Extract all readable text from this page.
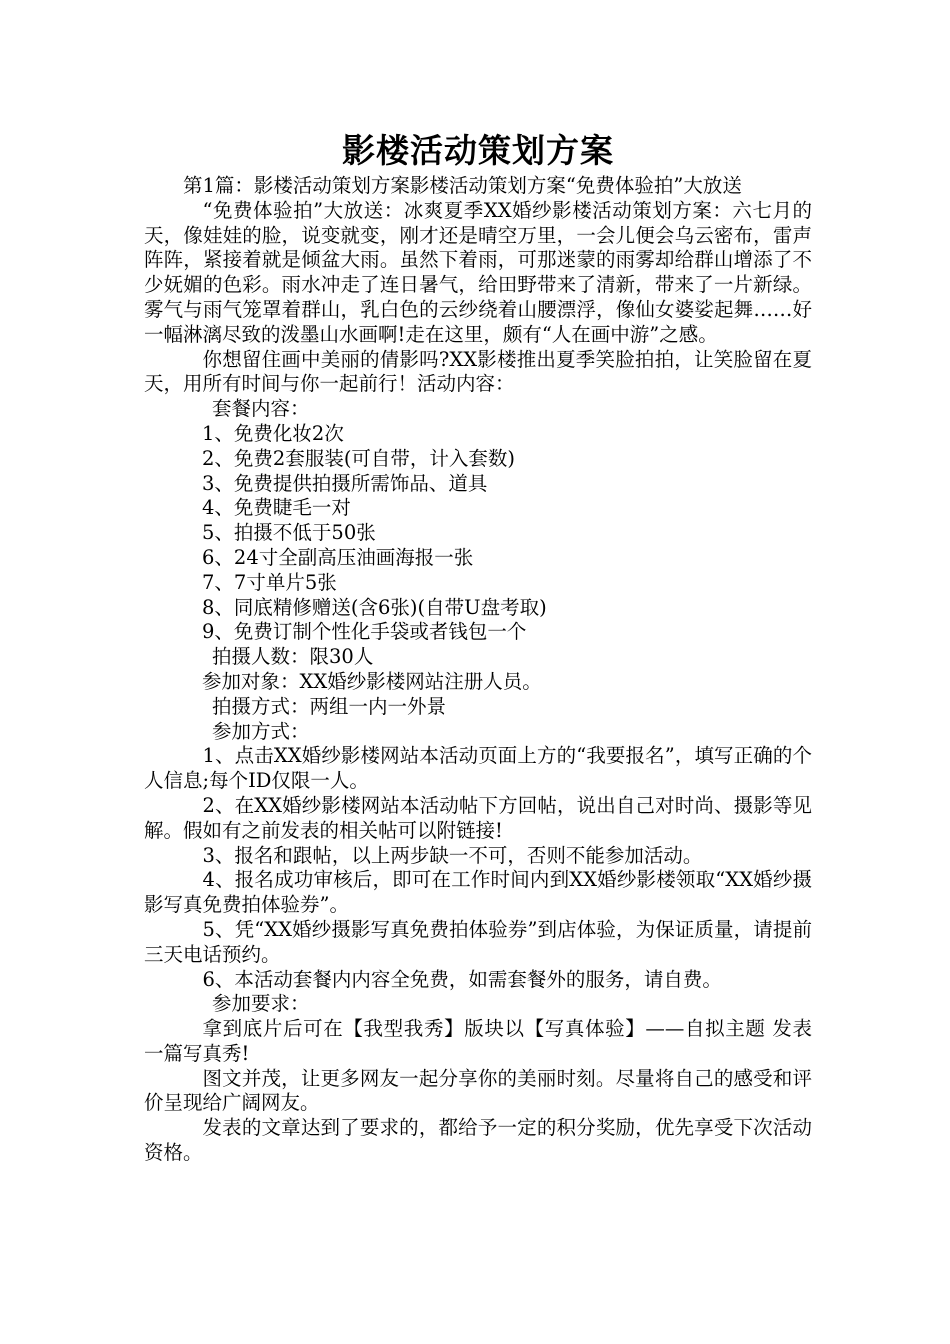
影楼活动策划方案

第1篇：影楼活动策划方案影楼活动策划方案“免费体验拍”大放送

“免费体验拍”大放送：冰爽夏季XX婚纱影楼活动策划方案：六七月的天，像娃娃的脸，说变就变，刚才还是晴空万里，一会儿便会乌云密布，雷声阵阵，紧接着就是倾盆大雨。虽然下着雨，可那迷蒙的雨雾却给群山增添了不少妩媚的色彩。雨水冲走了连日暑气，给田野带来了清新，带来了一片新绿。雾气与雨气笼罩着群山，乳白色的云纱绕着山腰漂浮，像仙女婆娑起舞……好一幅淋漓尽致的泼墨山水画啊!走在这里，颇有“人在画中游”之感。

你想留住画中美丽的倩影吗?XX影楼推出夏季笑脸拍拍，让笑脸留在夏天，用所有时间与你一起前行！活动内容：

套餐内容：

1、免费化妆2次

2、免费2套服装(可自带，计入套数)

3、免费提供拍摄所需饰品、道具

4、免费睫毛一对

5、拍摄不低于50张

6、24寸全副高压油画海报一张

7、7寸单片5张

8、同底精修赠送(含6张)(自带U盘考取)

9、免费订制个性化手袋或者钱包一个

拍摄人数：限30人

参加对象：XX婚纱影楼网站注册人员。

拍摄方式：两组一内一外景

参加方式：

1、点击XX婚纱影楼网站本活动页面上方的“我要报名”，填写正确的个人信息;每个ID仅限一人。

2、在XX婚纱影楼网站本活动帖下方回帖，说出自己对时尚、摄影等见解。假如有之前发表的相关帖可以附链接!

3、报名和跟帖，以上两步缺一不可，否则不能参加活动。

4、报名成功审核后，即可在工作时间内到XX婚纱影楼领取“XX婚纱摄影写真免费拍体验券”。

5、凭“XX婚纱摄影写真免费拍体验券”到店体验，为保证质量，请提前三天电话预约。

6、本活动套餐内内容全免费，如需套餐外的服务，请自费。

参加要求：

拿到底片后可在【我型我秀】版块以【写真体验】——自拟主题 发表一篇写真秀!

图文并茂，让更多网友一起分享你的美丽时刻。尽量将自己的感受和评价呈现给广阔网友。

发表的文章达到了要求的，都给予一定的积分奖励，优先享受下次活动资格。
